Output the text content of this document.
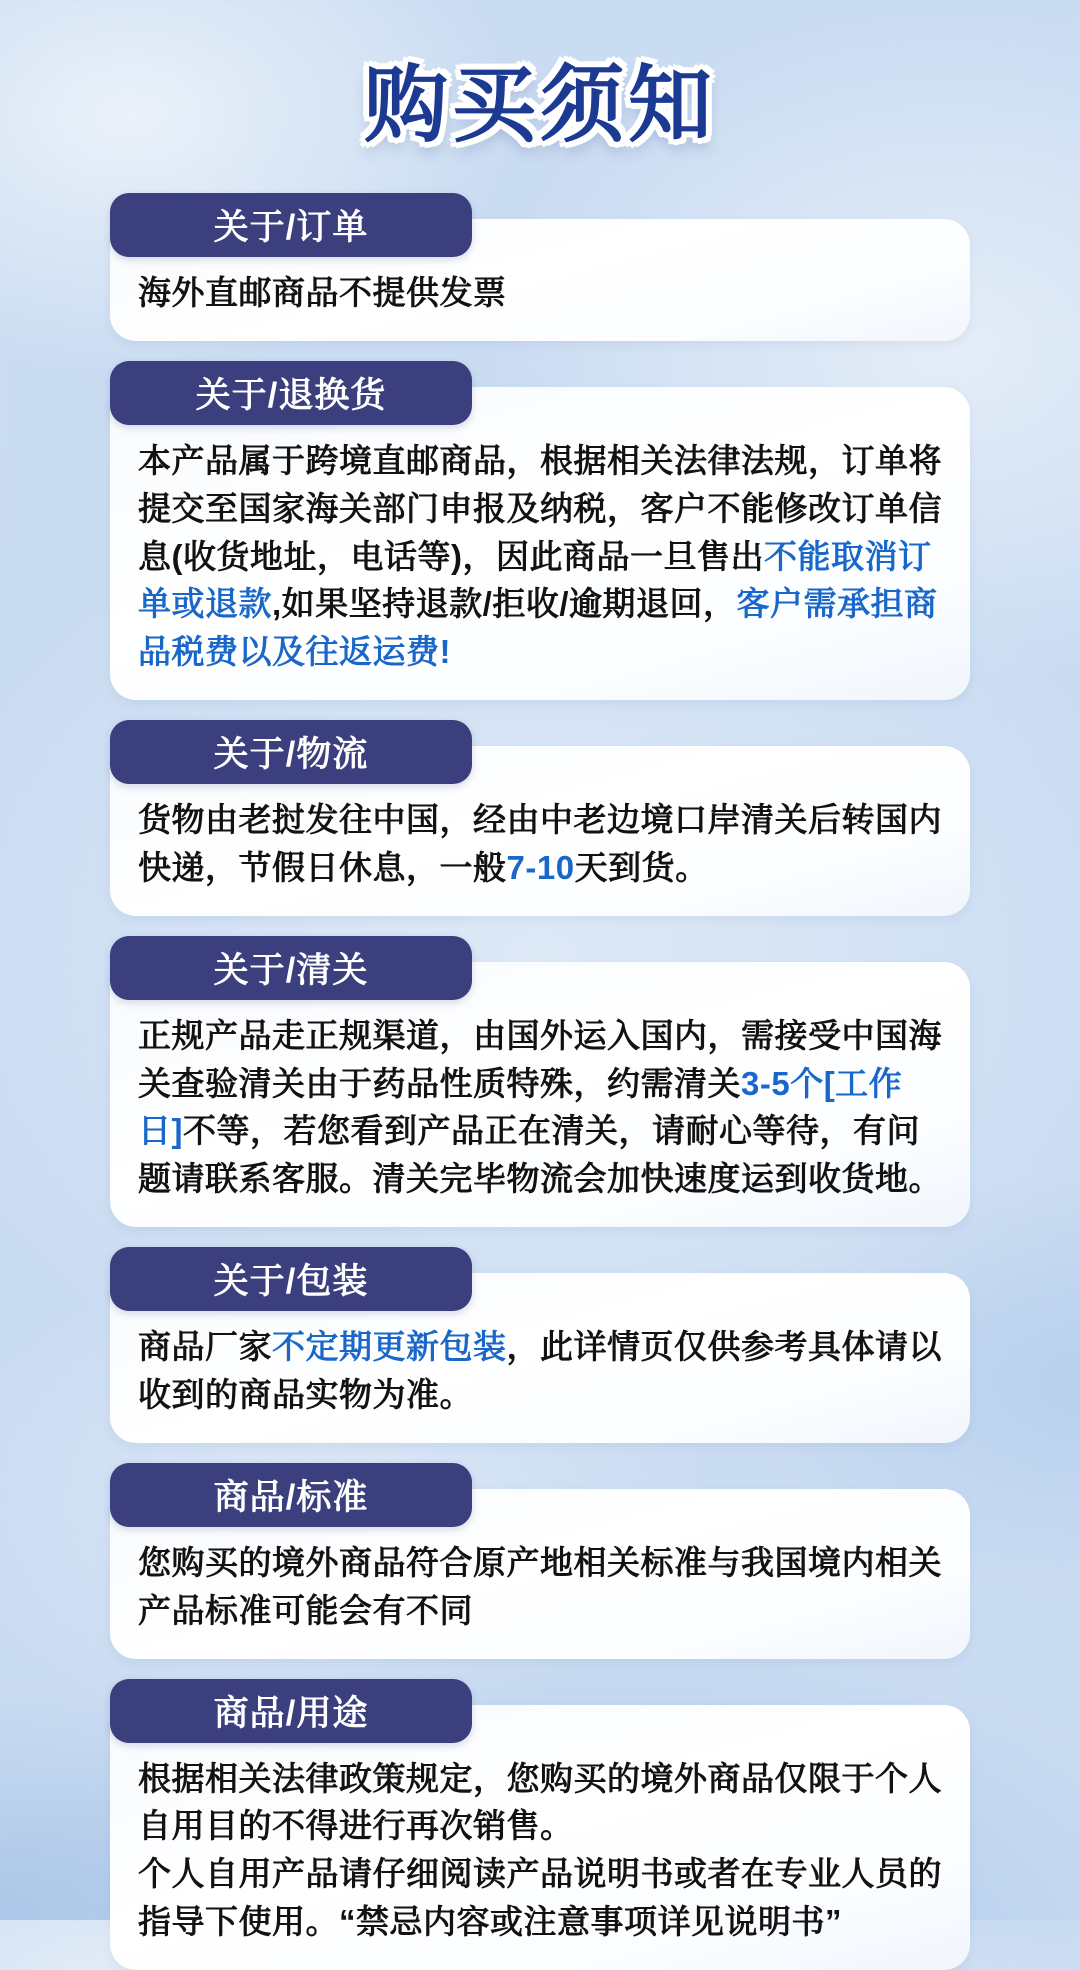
购买须知
关于/订单

海外直邮商品不提供发票

关于/退换货

本产品属于跨境直邮商品，根据相关法律法规，订单将提交至国家海关部门申报及纳税，客户不能修改订单信息(收货地址，电话等)，因此商品一旦售出不能取消订单或退款,如果坚持退款/拒收/逾期退回，客户需承担商品税费以及往返运费!

关于/物流

货物由老挝发往中国，经由中老边境口岸清关后转国内快递，节假日休息，一般7-10天到货。

关于/清关

正规产品走正规渠道，由国外运入国内，需接受中国海关查验清关由于药品性质特殊，约需清关3-5个[工作日]不等，若您看到产品正在清关，请耐心等待，有问题请联系客服。清关完毕物流会加快速度运到收货地。

关于/包装

商品厂家不定期更新包装，此详情页仅供参考具体请以收到的商品实物为准。

商品/标准

您购买的境外商品符合原产地相关标准与我国境内相关产品标准可能会有不同

商品/用途

根据相关法律政策规定，您购买的境外商品仅限于个人自用目的不得进行再次销售。

个人自用产品请仔细阅读产品说明书或者在专业人员的指导下使用。“禁忌内容或注意事项详见说明书”
